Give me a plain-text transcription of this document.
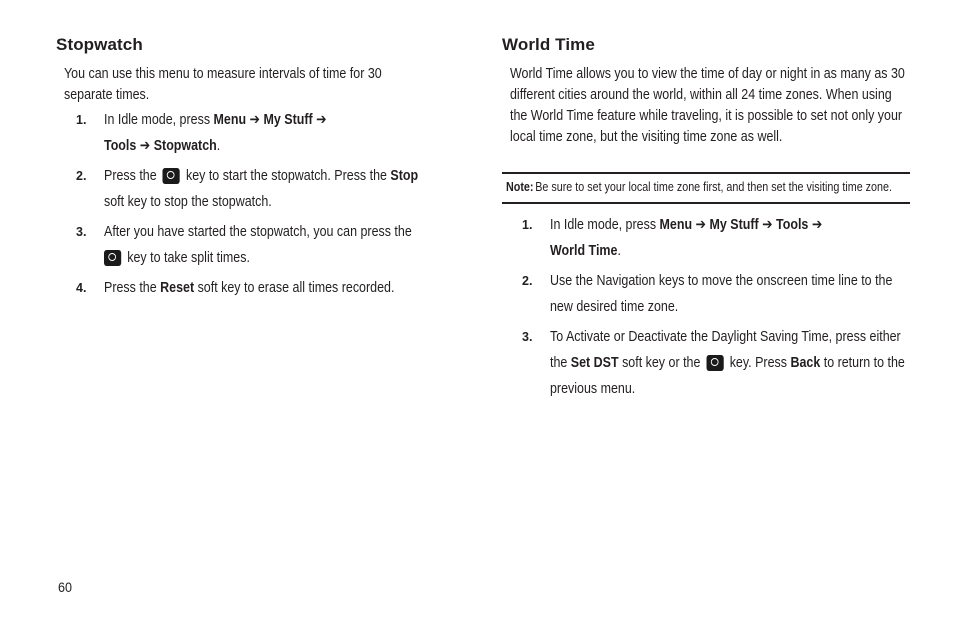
Stopwatch

You can use this menu to measure intervals of time for 30 separate times.

1. In Idle mode, press Menu ➔ My Stuff ➔
Tools ➔ Stopwatch.
2. Press the  key to start the stopwatch. Press the Stop
soft key to stop the stopwatch.
3. After you have started the stopwatch, you can press the
key to take split times.
4. Press the Reset soft key to erase all times recorded.
World Time

World Time allows you to view the time of day or night in as many as 30 different cities around the world, within all 24 time zones. When using the World Time feature while traveling, it is possible to set not only your local time zone, but the visiting time zone as well.

Note: Be sure to set your local time zone first, and then set the visiting time zone.
1. In Idle mode, press Menu ➔ My Stuff ➔ Tools ➔
World Time.
2. Use the Navigation keys to move the onscreen time line to the new desired time zone.
3. To Activate or Deactivate the Daylight Saving Time, press either the Set DST soft key or the  key. Press Back to return to the previous menu.
60
